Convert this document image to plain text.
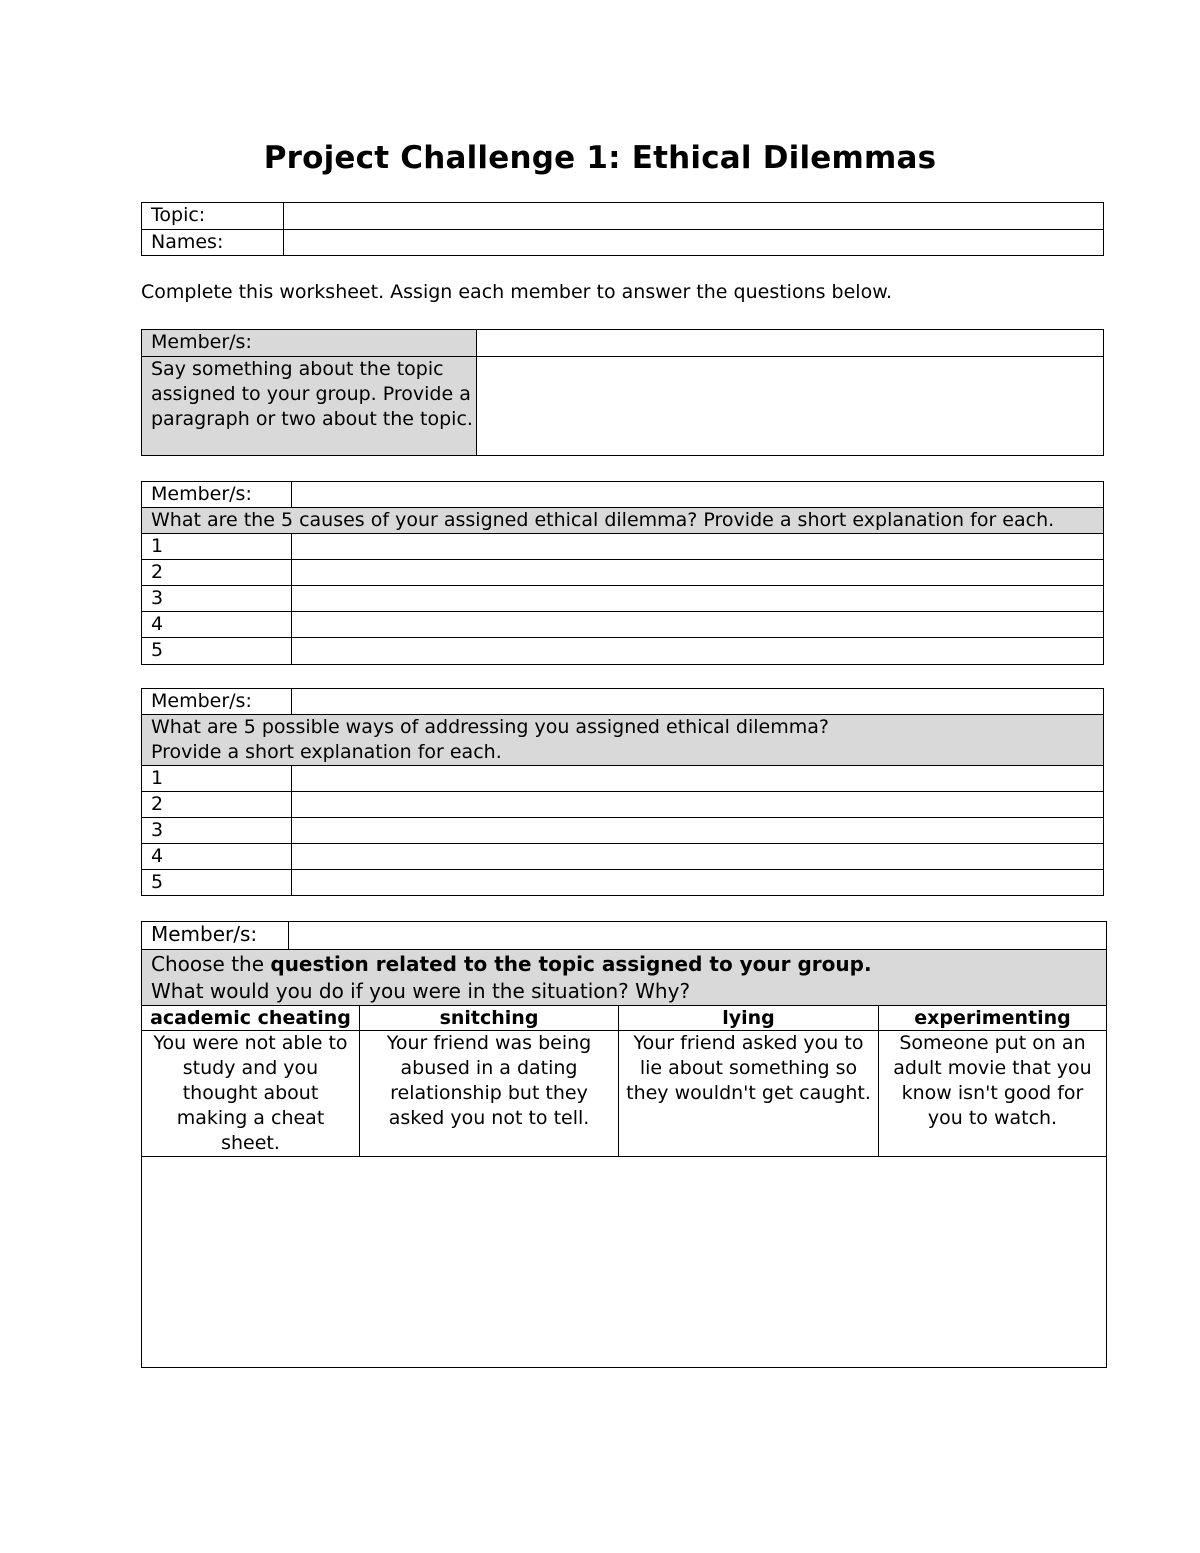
Project Challenge 1: Ethical Dilemmas
Topic:	
Names:	
Complete this worksheet. Assign each member to answer the questions below.
Member/s:	
Say something about the topic assigned to your group. Provide a paragraph or two about the topic.	
Member/s:	
What are the 5 causes of your assigned ethical dilemma? Provide a short explanation for each.	
1	
2	
3	
4	
5	
Member/s:	

What are 5 possible ways of addressing you assigned ethical dilemma?
Provide a short explanation for each.	

1	
2	
3	
4	
5	
Member/s:				

Choose the question related to the topic assigned to your group.
What would you do if you were in the situation? Why?				

academic cheating		snitching	lying	experimenting
You were not able to study and you thought about making a cheat sheet.		Your friend was being abused in a dating relationship but they asked you not to tell.	Your friend asked you to lie about something so they wouldn't get caught.	Someone put on an adult movie that you know isn't good for you to watch.
